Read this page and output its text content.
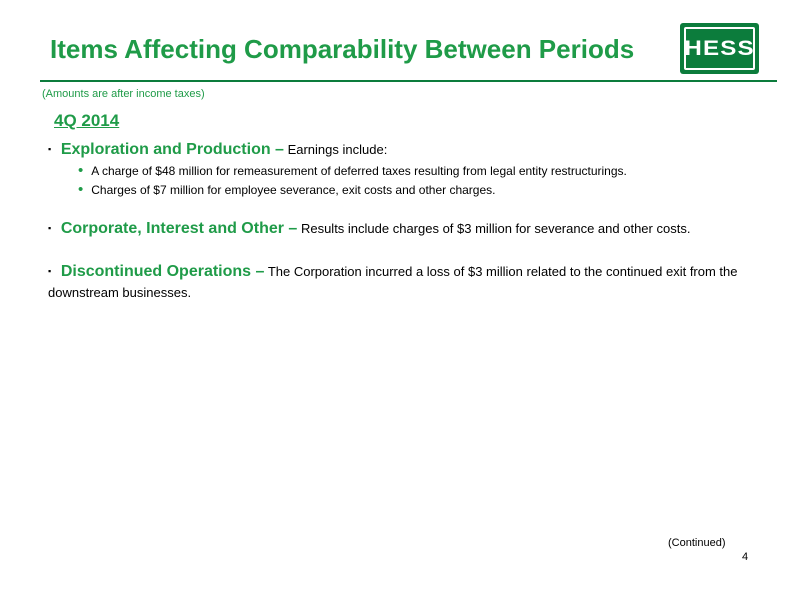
Items Affecting Comparability Between Periods HESS
(Amounts are after income taxes)
4Q 2014
▪ Exploration and Production – Earnings include:
• A charge of $48 million for remeasurement of deferred taxes resulting from legal entity restructurings.
• Charges of $7 million for employee severance, exit costs and other charges.
▪ Corporate, Interest and Other – Results include charges of $3 million for severance and other costs.
▪ Discontinued Operations – The Corporation incurred a loss of $3 million related to the continued exit from the downstream businesses.
(Continued)
4
